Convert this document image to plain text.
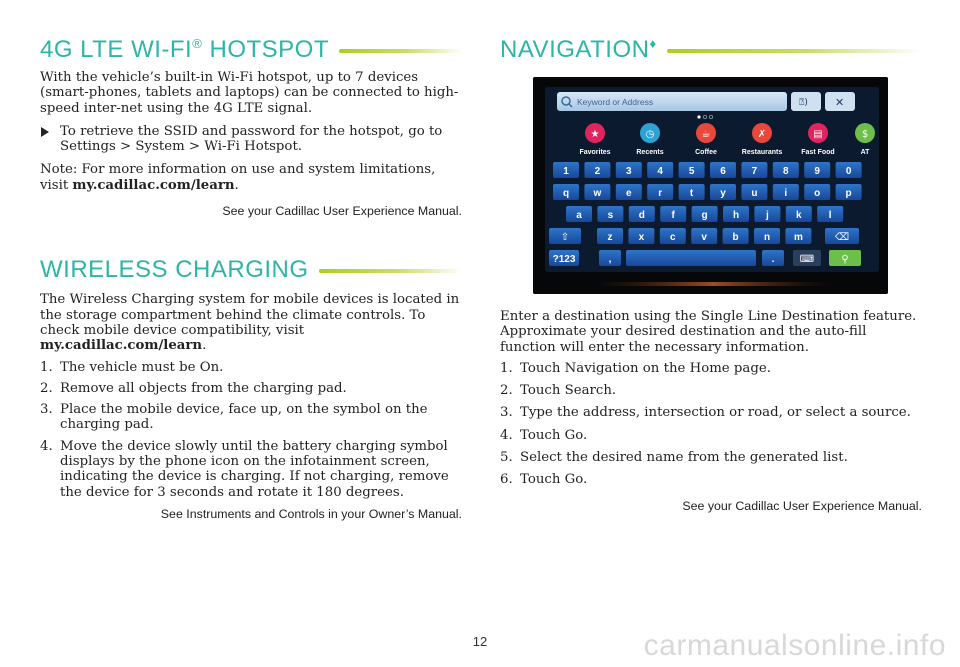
4G LTE WI-FI® HOTSPOT

With the vehicle’s built-in Wi-Fi hotspot, up to 7 devices (smart-phones, tablets and laptops) can be connected to high-speed inter-net using the 4G LTE signal.

To retrieve the SSID and password for the hotspot, go to Settings > System > Wi-Fi Hotspot.

Note: For more information on use and system limitations, visit my.cadillac.com/learn.

See your Cadillac User Experience Manual.

WIRELESS CHARGING

The Wireless Charging system for mobile devices is located in the storage compartment behind the climate controls. To check mobile device compatibility, visit my.cadillac.com/learn.

1. The vehicle must be On.
2. Remove all objects from the charging pad.
3. Place the mobile device, face up, on the symbol on the charging pad.
4. Move the device slowly until the battery charging symbol displays by the phone icon on the infotainment screen, indicating the device is charging. If not charging, remove the device for 3 seconds and rotate it 180 degrees.

See Instruments and Controls in your Owner’s Manual.

NAVIGATION♦
Keyword or Address	⍰) ✕
★
Favorites
◷
Recents
☕
Coffee
✗
Restaurants
▤
Fast Food
$
AT
1	2	3	4	5	6	7	8	9	0
q w e	r	t	y	u	i	o	p
a	s	d	f	g	h	j	k	l
⇧	z	x	c	v	b	n m	⌫
?123	,	.	⌨	⚲

Enter a destination using the Single Line Destination feature. Approximate your desired destination and the auto-fill function will enter the necessary information.

1. Touch Navigation on the Home page.
2. Touch Search.
3. Type the address, intersection or road, or select a source.
4. Touch Go.
5. Select the desired name from the generated list.
6. Touch Go.

See your Cadillac User Experience Manual.

12	carmanualsonline.info
